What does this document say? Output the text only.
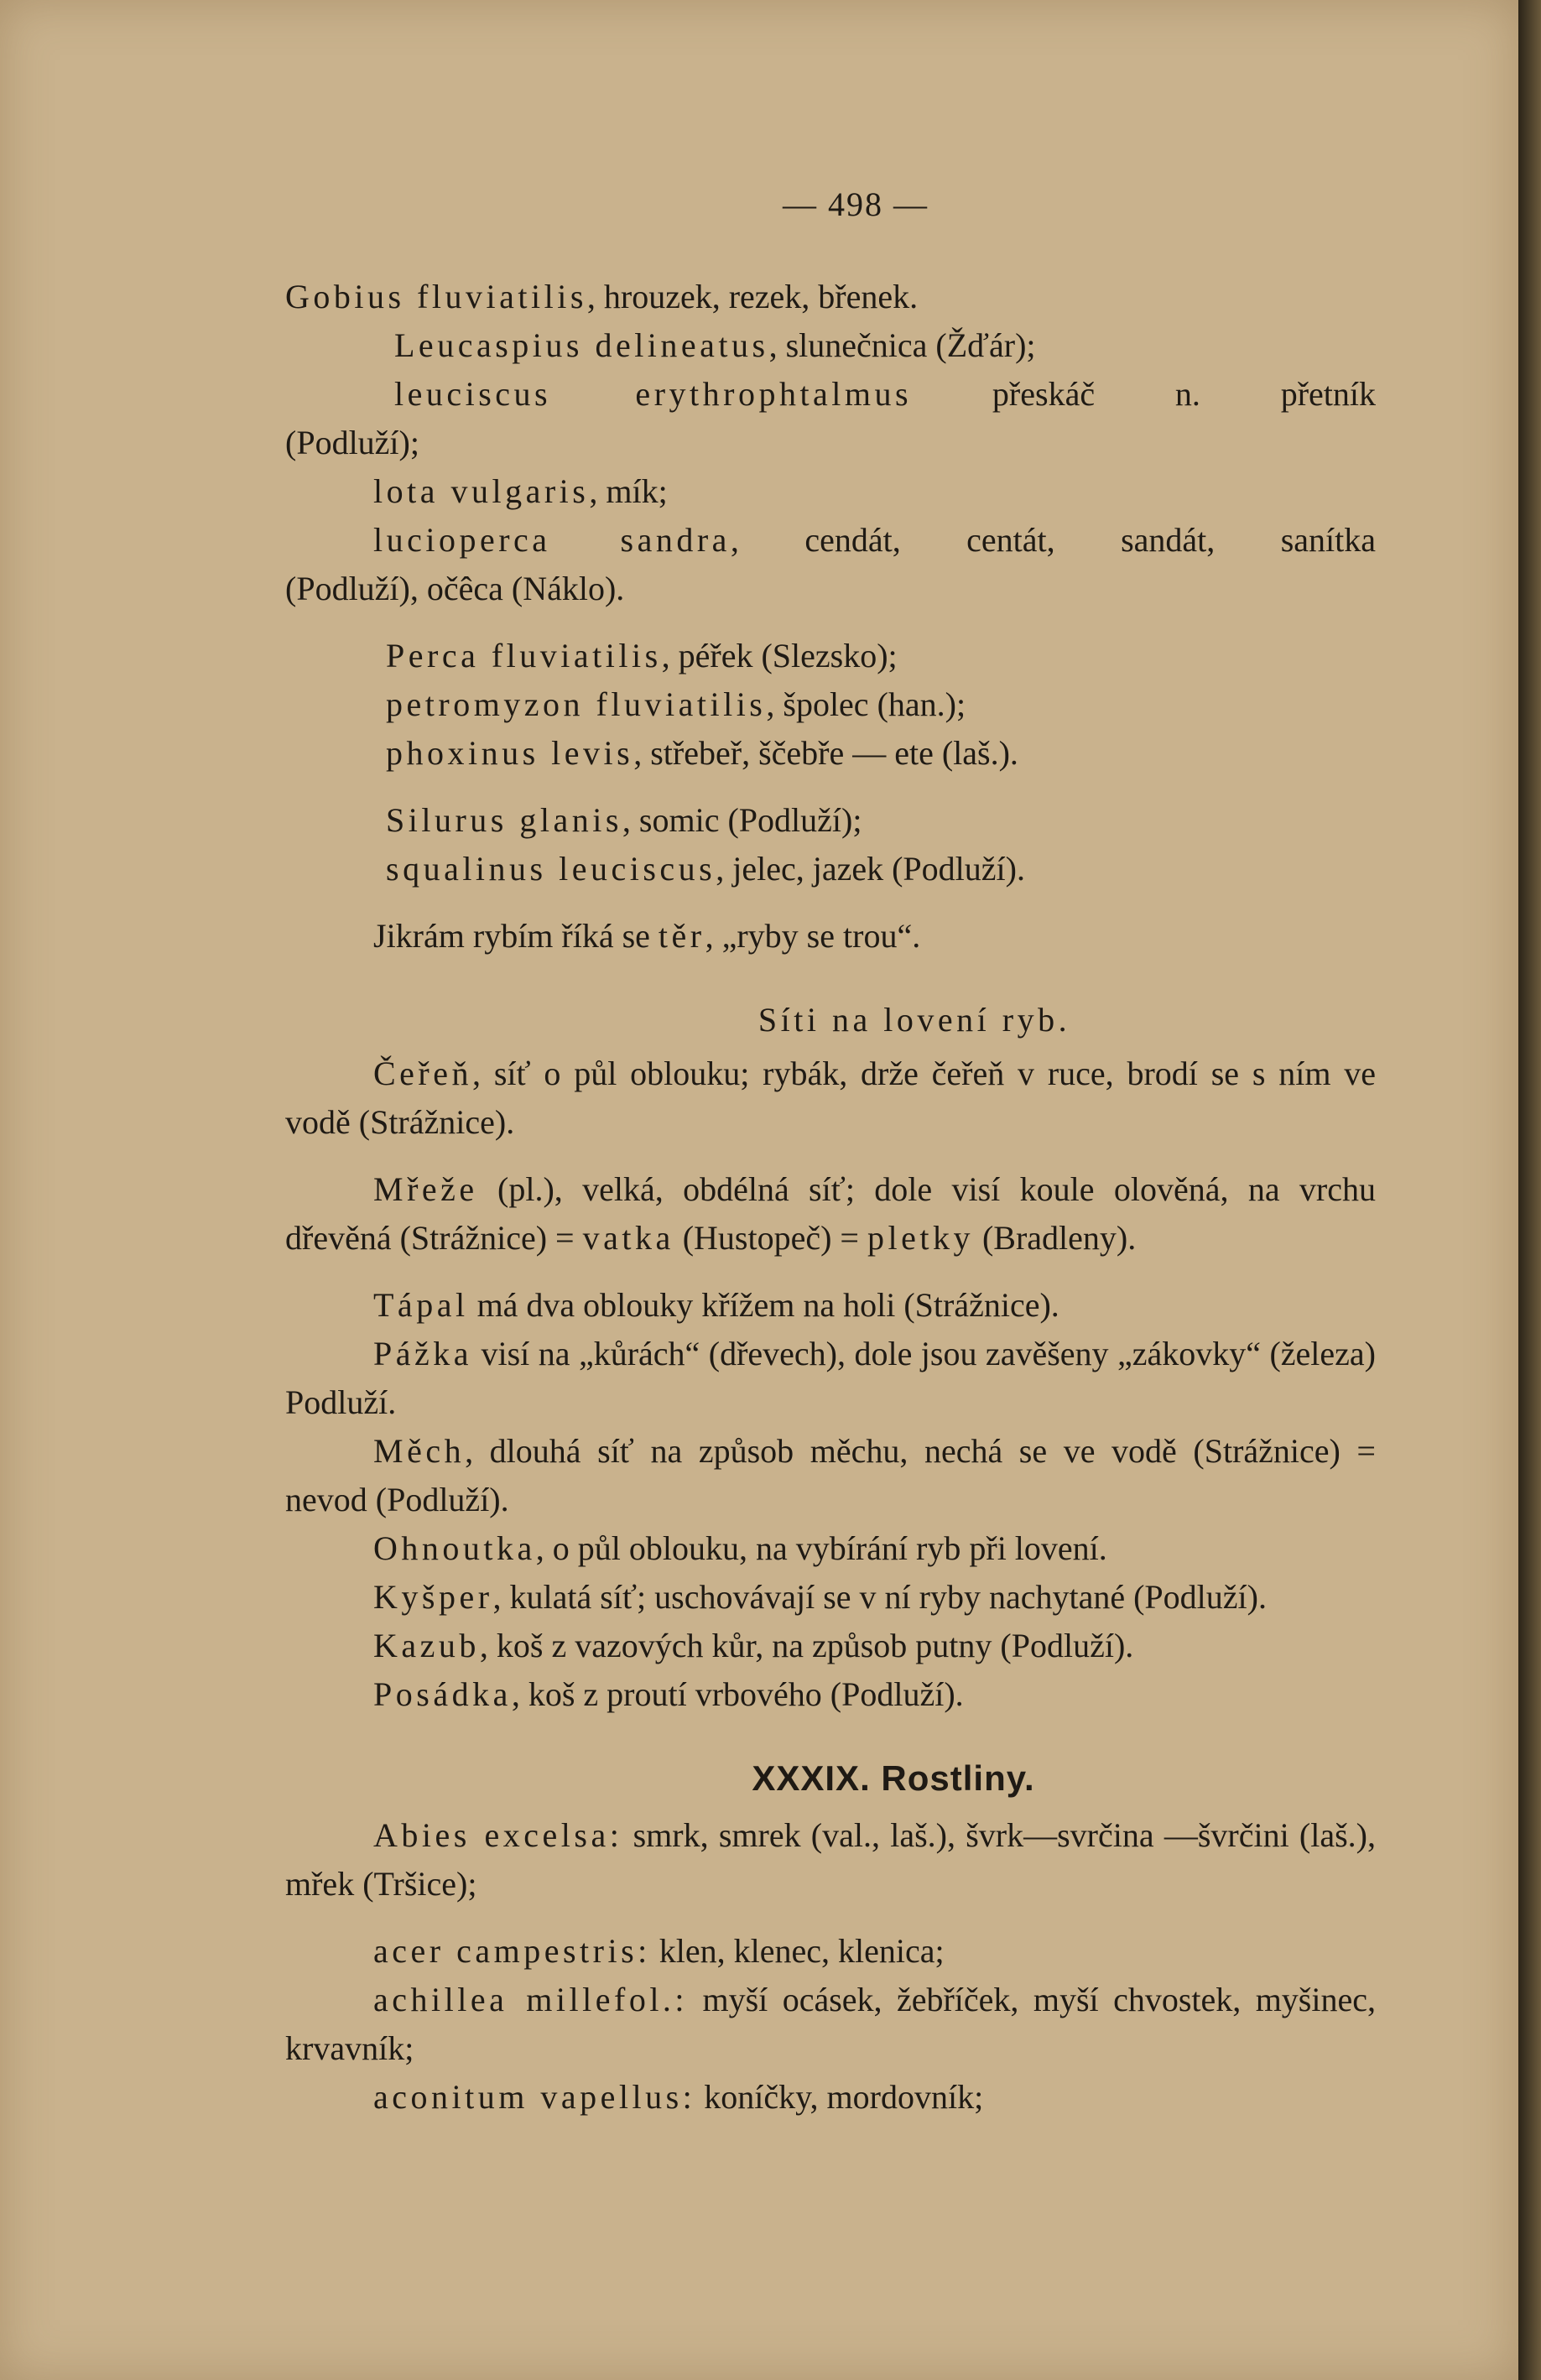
— 498 —
Gobius fluviatilis, hrouzek, rezek, břenek.
Leucaspius delineatus, slunečnica (Žďár);
leuciscus erythrophtalmus přeskáč n. přetník
(Podluží);
lota vulgaris, mík;
lucioperca sandra, cendát, centát, sandát, sanítka
(Podluží), očêca (Náklo).
Perca fluviatilis, péřek (Slezsko);
petromyzon fluviatilis, špolec (han.);
phoxinus levis, střebeř, ščebře — ete (laš.).
Silurus glanis, somic (Podluží);
squalinus leuciscus, jelec, jazek (Podluží).
Jikrám rybím říká se těr, „ryby se trou“.
Síti na lovení ryb.
Čeřeň, síť o půl oblouku; rybák, drže čeřeň v ruce, brodí se s ním ve vodě (Strážnice).
Mřeže (pl.), velká, obdélná síť; dole visí koule olověná, na vrchu dřevěná (Strážnice) = vatka (Hustopeč) = pletky (Bradleny).
Tápal má dva oblouky křížem na holi (Strážnice).
Pážka visí na „kůrách“ (dřevech), dole jsou zavěšeny „zákovky“ (železa) Podluží.
Měch, dlouhá síť na způsob měchu, nechá se ve vodě (Strážnice) = nevod (Podluží).
Ohnoutka, o půl oblouku, na vybírání ryb při lovení.
Kyšper, kulatá síť; uschovávají se v ní ryby nachytané (Podluží).
Kazub, koš z vazových kůr, na způsob putny (Podluží).
Posádka, koš z proutí vrbového (Podluží).
XXXIX. Rostliny.
Abies excelsa: smrk, smrek (val., laš.), švrk—svrčina —švrčini (laš.), mřek (Tršice);
acer campestris: klen, klenec, klenica;
achillea millefol.: myší ocásek, žebříček, myší chvostek, myšinec, krvavník;
aconitum vapellus: koníčky, mordovník;
